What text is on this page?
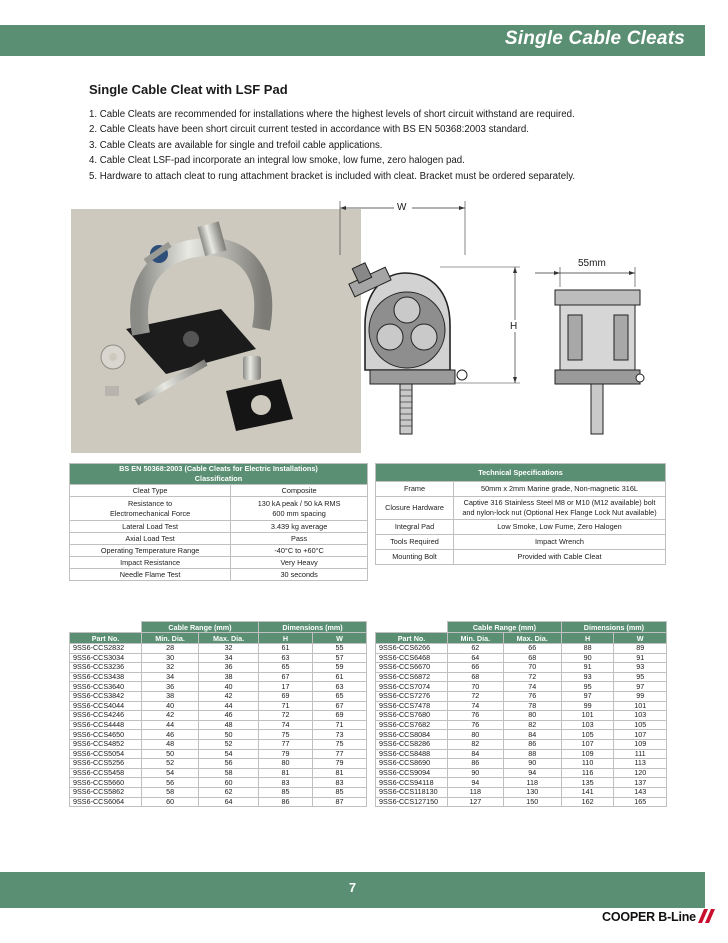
Single Cable Cleats
Single Cable Cleat with LSF Pad
1. Cable Cleats are recommended for installations where the highest levels of short circuit withstand are required.
2. Cable Cleats have been short circuit current tested in accordance with BS EN 50368:2003 standard.
3. Cable Cleats are available for single and trefoil cable applications.
4. Cable Cleat LSF-pad incorporate an integral low smoke, low fume, zero halogen pad.
5. Hardware to attach cleat to rung attachment bracket is included with cleat. Bracket must be ordered separately.
W
H
55mm
BS EN 50368:2003 (Cable Cleats for Electric Installations)
Classification	
Cleat Type	Composite
Resistance to
Electromechanical Force	130 kA peak / 50 kA RMS
600 mm spacing
Lateral Load Test	3.439 kg average
Axial Load Test	Pass
Operating Temperature Range	-40°C to +60°C
Impact Resistance	Very Heavy
Needle Flame Test	30 seconds
Technical Specifications	
Frame	50mm x 2mm Marine grade, Non-magnetic 316L
Closure Hardware	Captive 316 Stainless Steel M8 or M10 (M12 available) bolt
and nylon-lock nut (Optional Hex Flange Lock Nut available)
Integral Pad	Low Smoke, Low Fume, Zero Halogen
Tools Required	Impact Wrench
Mounting Bolt	Provided with Cable Cleat
	Cable Range (mm)		Dimensions (mm)	
Part No.	Min. Dia.	Max. Dia.	H	W
9SS6-CCS2832	28	32	61	55
9SS6-CCS3034	30	34	63	57
9SS6-CCS3236	32	36	65	59
9SS6-CCS3438	34	38	67	61
9SS6-CCS3640	36	40	17	63
9SS6-CCS3842	38	42	69	65
9SS6-CCS4044	40	44	71	67
9SS6-CCS4246	42	46	72	69
9SS6-CCS4448	44	48	74	71
9SS6-CCS4650	46	50	75	73
9SS6-CCS4852	48	52	77	75
9SS6-CCS5054	50	54	79	77
9SS6-CCS5256	52	56	80	79
9SS6-CCS5458	54	58	81	81
9SS6-CCS5660	56	60	83	83
9SS6-CCS5862	58	62	85	85
9SS6-CCS6064	60	64	86	87
	Cable Range (mm)		Dimensions (mm)	
Part No.	Min. Dia.	Max. Dia.	H	W
9SS6-CCS6266	62	66	88	89
9SS6-CCS6468	64	68	90	91
9SS6-CCS6670	66	70	91	93
9SS6-CCS6872	68	72	93	95
9SS6-CCS7074	70	74	95	97
9SS6-CCS7276	72	76	97	99
9SS6-CCS7478	74	78	99	101
9SS6-CCS7680	76	80	101	103
9SS6-CCS7682	76	82	103	105
9SS6-CCS8084	80	84	105	107
9SS6-CCS8286	82	86	107	109
9SS6-CCS8488	84	88	109	111
9SS6-CCS8690	86	90	110	113
9SS6-CCS9094	90	94	116	120
9SS6-CCS94118	94	118	135	137
9SS6-CCS118130	118	130	141	143
9SS6-CCS127150	127	150	162	165
7
COOPER B-Line
